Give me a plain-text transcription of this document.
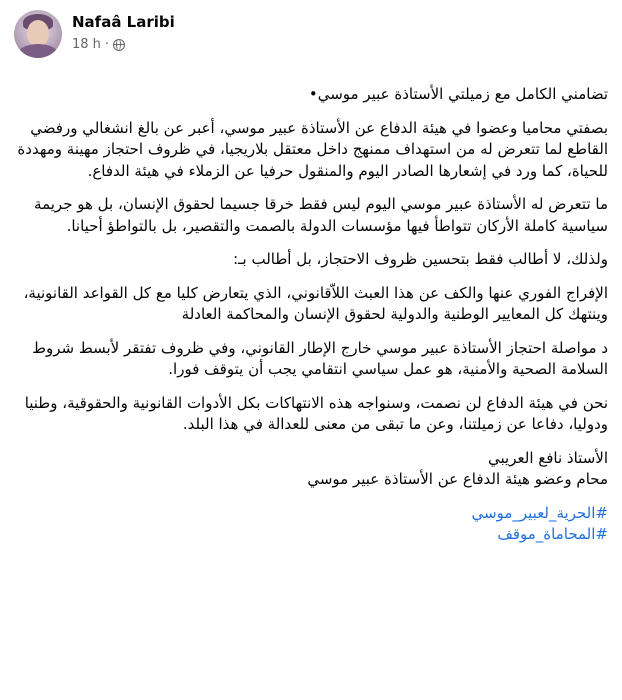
Nafaâ Laribi
18 h ·

تضامني الكامل مع زميلتي الأستاذة عبير موسي•

بصفتي محاميا وعضوا في هيئة الدفاع عن الأستاذة عبير موسي، أعبر عن بالغ انشغالي ورفضي القاطع لما تتعرض له من استهداف ممنهج داخل معتقل بلاريجيا، في ظروف احتجاز مهينة ومهددة للحياة، كما ورد في إشعارها الصادر اليوم والمنقول حرفيا عن الزملاء في هيئة الدفاع.

ما تتعرض له الأستاذة عبير موسي اليوم ليس فقط خرقا جسيما لحقوق الإنسان، بل هو جريمة سياسية كاملة الأركان تتواطأ فيها مؤسسات الدولة بالصمت والتقصير، بل بالتواطؤ أحيانا.

ولذلك، لا أطالب فقط بتحسين ظروف الاحتجاز، بل أطالب بـ:

الإفراج الفوري عنها والكف عن هذا العبث اللاّقانوني، الذي يتعارض كليا مع كل القواعد القانونية، وينتهك كل المعايير الوطنية والدولية لحقوق الإنسان والمحاكمة العادلة

د مواصلة احتجاز الأستاذة عبير موسي خارج الإطار القانوني، وفي ظروف تفتقر لأبسط شروط السلامة الصحية والأمنية، هو عمل سياسي انتقامي يجب أن يتوقف فورا.

نحن في هيئة الدفاع لن نصمت، وسنواجه هذه الانتهاكات بكل الأدوات القانونية والحقوقية، وطنيا ودوليا، دفاعا عن زميلتنا، وعن ما تبقى من معنى للعدالة في هذا البلد.

الأستاذ نافع العريبي
محام وعضو هيئة الدفاع عن الأستاذة عبير موسي

#الحرية_لعبير_موسي

#المحاماة_موقف
